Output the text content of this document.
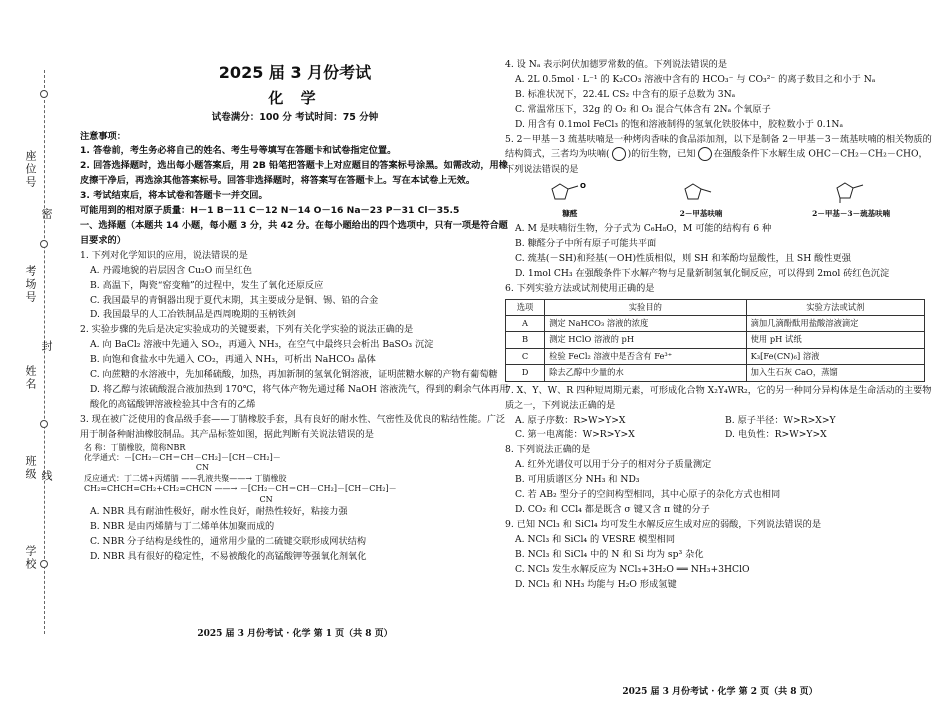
座位号
考场号
姓名
班级
学校
密
封
线
2025 届 3 月份考试
化 学
试卷满分：100 分 考试时间：75 分钟

注意事项：

1. 答卷前，考生务必将自己的姓名、考生号等填写在答题卡和试卷指定位置。

2. 回答选择题时，选出每小题答案后，用 2B 铅笔把答题卡上对应题目的答案标号涂黑。如需改动，用橡皮擦干净后，再选涂其他答案标号。回答非选择题时，将答案写在答题卡上。写在本试卷上无效。

3. 考试结束后，将本试卷和答题卡一并交回。

可能用到的相对原子质量：H－1 B－11 C－12 N－14 O－16 Na－23 P－31 Cl－35.5

一、选择题（本题共 14 小题，每小题 3 分，共 42 分。在每小题给出的四个选项中，只有一项是符合题目要求的）

1. 下列对化学知识的应用，说法错误的是

A. 丹霞地貌的岩层因含 Cu₂O 而呈红色

B. 高温下，陶瓷“窑变釉”的过程中，发生了氧化还原反应

C. 我国最早的青铜器出现于夏代末期，其主要成分是铜、锡、铅的合金

D. 我国最早的人工冶铁制品是西周晚期的玉柄铁剑

2. 实验步骤的先后是决定实验成功的关键要素，下列有关化学实验的说法正确的是

A. 向 BaCl₂ 溶液中先通入 SO₂，再通入 NH₃，在空气中最终只会析出 BaSO₃ 沉淀

B. 向饱和食盐水中先通入 CO₂，再通入 NH₃，可析出 NaHCO₃ 晶体

C. 向蔗糖的水溶液中，先加稀硫酸，加热，再加新制的氢氧化铜溶液，证明蔗糖水解的产物有葡萄糖

D. 将乙醇与浓硫酸混合液加热到 170℃，将气体产物先通过稀 NaOH 溶液洗气，得到的剩余气体再用酸化的高锰酸钾溶液检验其中含有的乙烯

3. 现在被广泛使用的食品级手套——丁腈橡胶手套，具有良好的耐水性、气密性及优良的粘结性能。广泛用于制备种耐油橡胶制品。其产品标签如图，据此判断有关说法错误的是

名 称：丁腈橡胶，简称NBR
化学通式：－[CH₂－CH＝CH－CH₂]－[CH－CH₂]－
CN
反应通式：丁二烯+丙烯腈 ——乳液共聚——→ 丁腈橡胶
CH₂=CHCH=CH₂+CH₂=CHCN ——→ －[CH₂－CH＝CH－CH₂]－[CH－CH₂]－
CN

A. NBR 具有耐油性极好，耐水性良好，耐热性较好，粘接力强

B. NBR 是由丙烯腈与丁二烯单体加聚而成的

C. NBR 分子结构是线性的，通常用少量的二硫键交联形成网状结构

D. NBR 具有很好的稳定性，不易被酸化的高锰酸钾等强氧化剂氧化

2025 届 3 月份考试 · 化学 第 1 页（共 8 页）

4. 设 Nₐ 表示阿伏加德罗常数的值。下列说法错误的是

A. 2L 0.5mol · L⁻¹ 的 K₂CO₃ 溶液中含有的 HCO₃⁻ 与 CO₃²⁻ 的离子数目之和小于 Nₐ

B. 标准状况下，22.4L CS₂ 中含有的原子总数为 3Nₐ

C. 常温常压下，32g 的 O₂ 和 O₃ 混合气体含有 2Nₐ 个氧原子

D. 用含有 0.1mol FeCl₃ 的饱和溶液制得的氢氧化铁胶体中，胶粒数小于 0.1Nₐ

5. 2－甲基－3 巯基呋喃是一种烤肉香味的食品添加剂，以下是制备 2－甲基－3－巯基呋喃的相关物质的结构简式，三者均为呋喃( )的衍生物，已知 在强酸条件下水解生成 OHC－CH₂－CH₂－CHO，下列说法错误的是

O
糠醛	2－甲基呋喃	2－甲基－3－巯基呋喃

A. M 是呋喃衍生物，分子式为 C₆H₈O，M 可能的结构有 6 种

B. 糠醛分子中所有原子可能共平面

C. 巯基(－SH)和羟基(－OH)性质相似，则 SH 和苯酚均显酸性，且 SH 酸性更强

D. 1mol CH₃ 在强酸条件下水解产物与足量新制氢氧化铜反应，可以得到 2mol 砖红色沉淀

6. 下列实验方法或试剂使用正确的是

选项	实验目的	实验方法或试剂
A	测定 NaHCO₃ 溶液的浓度	滴加几滴酚酞用盐酸溶液滴定
B	测定 HClO 溶液的 pH	使用 pH 试纸
C	检验 FeCl₂ 溶液中是否含有 Fe³⁺	K₃[Fe(CN)₆] 溶液
D	除去乙醇中少量的水	加入生石灰 CaO，蒸馏

7. X、Y、W、R 四种短周期元素，可形成化合物 X₂Y₄WR₂，它的另一种同分异构体是生命活动的主要物质之一，下列说法正确的是

A. 原子序数：R>W>Y>X	B. 原子半径：W>R>X>Y

C. 第一电离能：W>R>Y>X	D. 电负性：R>W>Y>X

8. 下列说法正确的是

A. 红外光谱仪可以用于分子的相对分子质量测定

B. 可用质谱区分 NH₃ 和 ND₃

C. 若 AB₂ 型分子的空间构型相同，其中心原子的杂化方式也相同

D. CO₂ 和 CCl₄ 都是既含 σ 键又含 π 键的分子

9. 已知 NCl₃ 和 SiCl₄ 均可发生水解反应生成对应的弱酸，下列说法错误的是

A. NCl₃ 和 SiCl₄ 的 VESRE 模型相同

B. NCl₃ 和 SiCl₄ 中的 N 和 Si 均为 sp³ 杂化

C. NCl₃ 发生水解反应为 NCl₃+3H₂O ══ NH₃+3HClO

D. NCl₃ 和 NH₃ 均能与 H₂O 形成氢键

2025 届 3 月份考试 · 化学 第 2 页（共 8 页）
